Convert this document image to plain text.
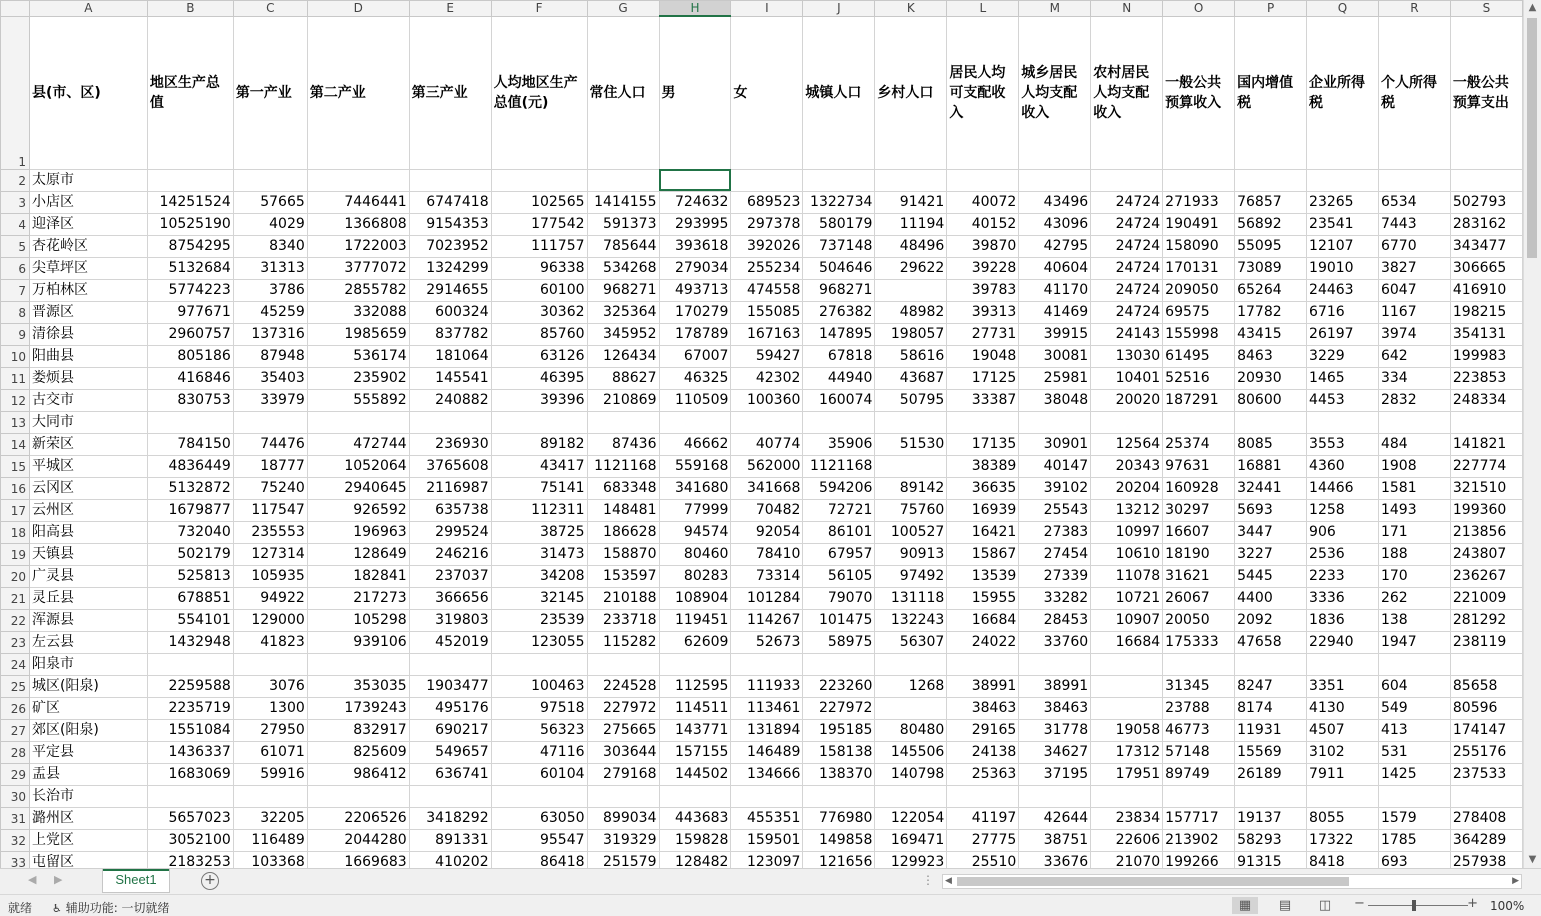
	A	B	C	D	E	F	G	H	I	J	K	L	M	N	O	P	Q	R	S
1	县(市、区)	地区生产总值	第一产业	第二产业	第三产业	人均地区生产总值(元)	常住人口	男	女	城镇人口	乡村人口	居民人均可支配收入	城乡居民人均支配收入	农村居民人均支配收入	一般公共预算收入	国内增值税	企业所得税	个人所得税	一般公共预算支出
2	太原市																		
3	小店区	14251524	57665	7446441	6747418	102565	1414155	724632	689523	1322734	91421	40072	43496	24724	271933	76857	23265	6534	502793
4	迎泽区	10525190	4029	1366808	9154353	177542	591373	293995	297378	580179	11194	40152	43096	24724	190491	56892	23541	7443	283162
5	杏花岭区	8754295	8340	1722003	7023952	111757	785644	393618	392026	737148	48496	39870	42795	24724	158090	55095	12107	6770	343477
6	尖草坪区	5132684	31313	3777072	1324299	96338	534268	279034	255234	504646	29622	39228	40604	24724	170131	73089	19010	3827	306665
7	万柏林区	5774223	3786	2855782	2914655	60100	968271	493713	474558	968271		39783	41170	24724	209050	65264	24463	6047	416910
8	晋源区	977671	45259	332088	600324	30362	325364	170279	155085	276382	48982	39313	41469	24724	69575	17782	6716	1167	198215
9	清徐县	2960757	137316	1985659	837782	85760	345952	178789	167163	147895	198057	27731	39915	24143	155998	43415	26197	3974	354131
10	阳曲县	805186	87948	536174	181064	63126	126434	67007	59427	67818	58616	19048	30081	13030	61495	8463	3229	642	199983
11	娄烦县	416846	35403	235902	145541	46395	88627	46325	42302	44940	43687	17125	25981	10401	52516	20930	1465	334	223853
12	古交市	830753	33979	555892	240882	39396	210869	110509	100360	160074	50795	33387	38048	20020	187291	80600	4453	2832	248334
13	大同市																		
14	新荣区	784150	74476	472744	236930	89182	87436	46662	40774	35906	51530	17135	30901	12564	25374	8085	3553	484	141821
15	平城区	4836449	18777	1052064	3765608	43417	1121168	559168	562000	1121168		38389	40147	20343	97631	16881	4360	1908	227774
16	云冈区	5132872	75240	2940645	2116987	75141	683348	341680	341668	594206	89142	36635	39102	20204	160928	32441	14466	1581	321510
17	云州区	1679877	117547	926592	635738	112311	148481	77999	70482	72721	75760	16939	25543	13212	30297	5693	1258	1493	199360
18	阳高县	732040	235553	196963	299524	38725	186628	94574	92054	86101	100527	16421	27383	10997	16607	3447	906	171	213856
19	天镇县	502179	127314	128649	246216	31473	158870	80460	78410	67957	90913	15867	27454	10610	18190	3227	2536	188	243807
20	广灵县	525813	105935	182841	237037	34208	153597	80283	73314	56105	97492	13539	27339	11078	31621	5445	2233	170	236267
21	灵丘县	678851	94922	217273	366656	32145	210188	108904	101284	79070	131118	15955	33282	10721	26067	4400	3336	262	221009
22	浑源县	554101	129000	105298	319803	23539	233718	119451	114267	101475	132243	16684	28453	10907	20050	2092	1836	138	281292
23	左云县	1432948	41823	939106	452019	123055	115282	62609	52673	58975	56307	24022	33760	16684	175333	47658	22940	1947	238119
24	阳泉市																		
25	城区(阳泉)	2259588	3076	353035	1903477	100463	224528	112595	111933	223260	1268	38991	38991		31345	8247	3351	604	85658
26	矿区	2235719	1300	1739243	495176	97518	227972	114511	113461	227972		38463	38463		23788	8174	4130	549	80596
27	郊区(阳泉)	1551084	27950	832917	690217	56323	275665	143771	131894	195185	80480	29165	31778	19058	46773	11931	4507	413	174147
28	平定县	1436337	61071	825609	549657	47116	303644	157155	146489	158138	145506	24138	34627	17312	57148	15569	3102	531	255176
29	盂县	1683069	59916	986412	636741	60104	279168	144502	134666	138370	140798	25363	37195	17951	89749	26189	7911	1425	237533
30	长治市																		
31	潞州区	5657023	32205	2206526	3418292	63050	899034	443683	455351	776980	122054	41197	42644	23834	157717	19137	8055	1579	278408
32	上党区	3052100	116489	2044280	891331	95547	319329	159828	159501	149858	169471	27775	38751	22606	213902	58293	17322	1785	364289
33	屯留区	2183253	103368	1669683	410202	86418	251579	128482	123097	121656	129923	25510	33676	21070	199266	91315	8418	693	257938
▲
▼
◀ ▶	Sheet1	+	⋮ ◀	▶
就绪 ♿ 辅助功能: 一切就绪	▦	▤	◫	−	+ 100%
